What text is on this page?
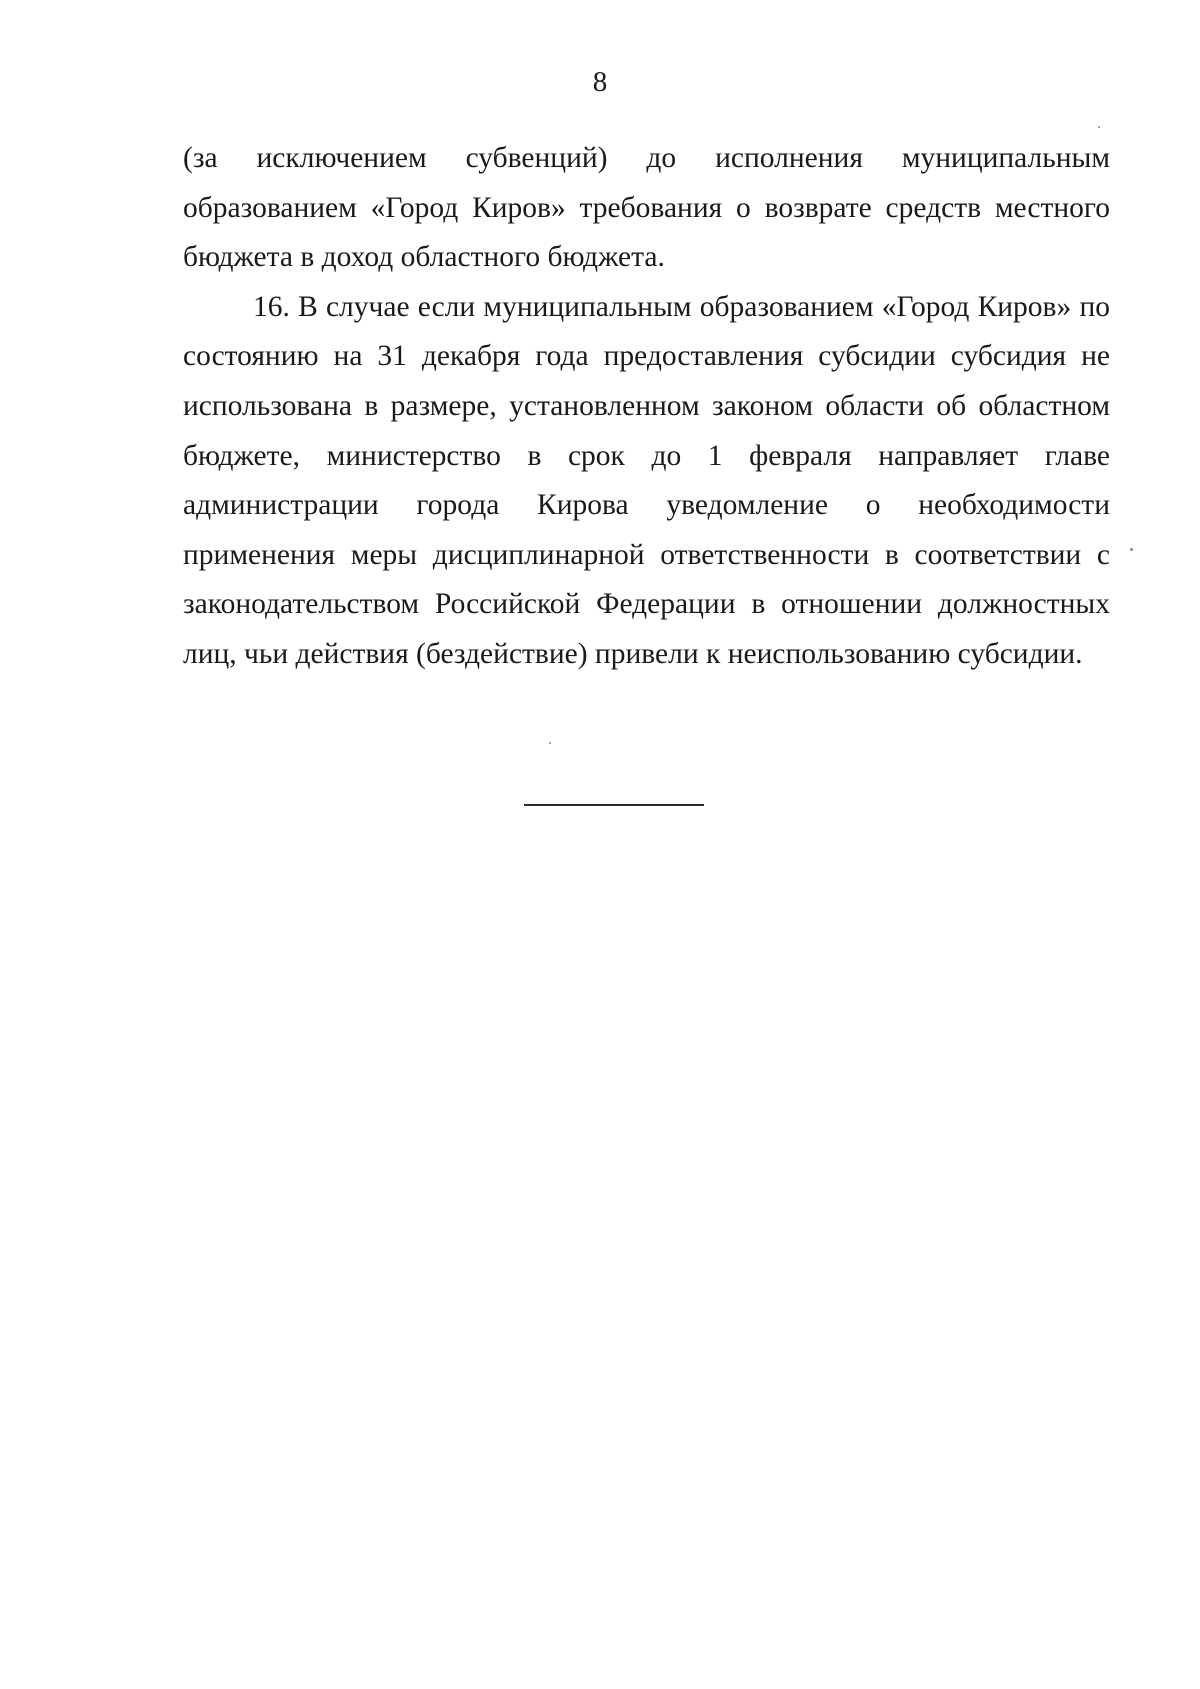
8

(за исключением субвенций) до исполнения муниципальным образованием «Город Киров» требования о возврате средств местного бюджета в доход областного бюджета.

16. В случае если муниципальным образованием «Город Киров» по состоянию на 31 декабря года предоставления субсидии субсидия не использована в размере, установленном законом области об областном бюджете, министерство в срок до 1 февраля направляет главе администрации города Кирова уведомление о необходимости применения меры дисциплинарной ответственности в соответствии с законодательством Российской Федерации в отношении должностных лиц, чьи действия (бездействие) привели к неиспользованию субсидии.
